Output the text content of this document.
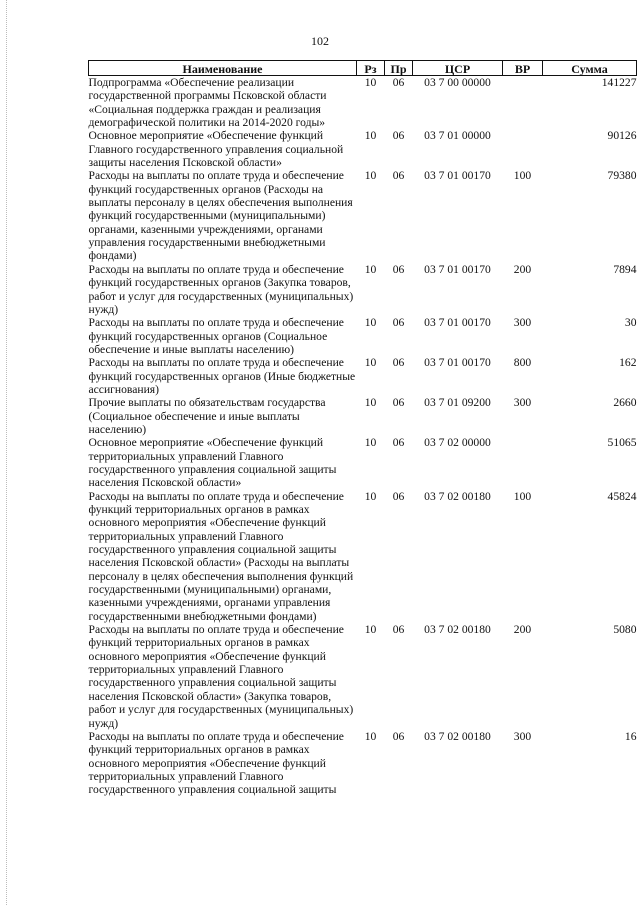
102
Наименование	Рз	Пр	ЦСР	ВР	Сумма
Подпрограмма «Обеспечение реализации государственной программы Псковской области «Социальная поддержка граждан и реализация демографической политики на 2014-2020 годы»	10	06	03 7 00 00000		141227
Основное мероприятие «Обеспечение функций Главного государственного управления социальной защиты населения Псковской области»	10	06	03 7 01 00000		90126
Расходы на выплаты по оплате труда и обеспечение функций государственных органов (Расходы на выплаты персоналу в целях обеспечения выполнения функций государственными (муниципальными) органами, казенными учреждениями, органами управления государственными внебюджетными фондами)	10	06	03 7 01 00170	100	79380
Расходы на выплаты по оплате труда и обеспечение функций государственных органов (Закупка товаров, работ и услуг для государственных (муниципальных) нужд)	10	06	03 7 01 00170	200	7894
Расходы на выплаты по оплате труда и обеспечение функций государственных органов (Социальное обеспечение и иные выплаты населению)	10	06	03 7 01 00170	300	30
Расходы на выплаты по оплате труда и обеспечение функций государственных органов (Иные бюджетные ассигнования)	10	06	03 7 01 00170	800	162
Прочие выплаты по обязательствам государства (Социальное обеспечение и иные выплаты населению)	10	06	03 7 01 09200	300	2660
Основное мероприятие «Обеспечение функций территориальных управлений Главного государственного управления социальной защиты населения Псковской области»	10	06	03 7 02 00000		51065
Расходы на выплаты по оплате труда и обеспечение функций территориальных органов в рамках основного мероприятия «Обеспечение функций территориальных управлений Главного государственного управления социальной защиты населения Псковской области» (Расходы на выплаты персоналу в целях обеспечения выполнения функций государственными (муниципальными) органами, казенными учреждениями, органами управления государственными внебюджетными фондами)	10	06	03 7 02 00180	100	45824
Расходы на выплаты по оплате труда и обеспечение функций территориальных органов в рамках основного мероприятия «Обеспечение функций территориальных управлений Главного государственного управления социальной защиты населения Псковской области» (Закупка товаров, работ и услуг для государственных (муниципальных) нужд)	10	06	03 7 02 00180	200	5080
Расходы на выплаты по оплате труда и обеспечение функций территориальных органов в рамках основного мероприятия «Обеспечение функций территориальных управлений Главного государственного управления социальной защиты	10	06	03 7 02 00180	300	16
